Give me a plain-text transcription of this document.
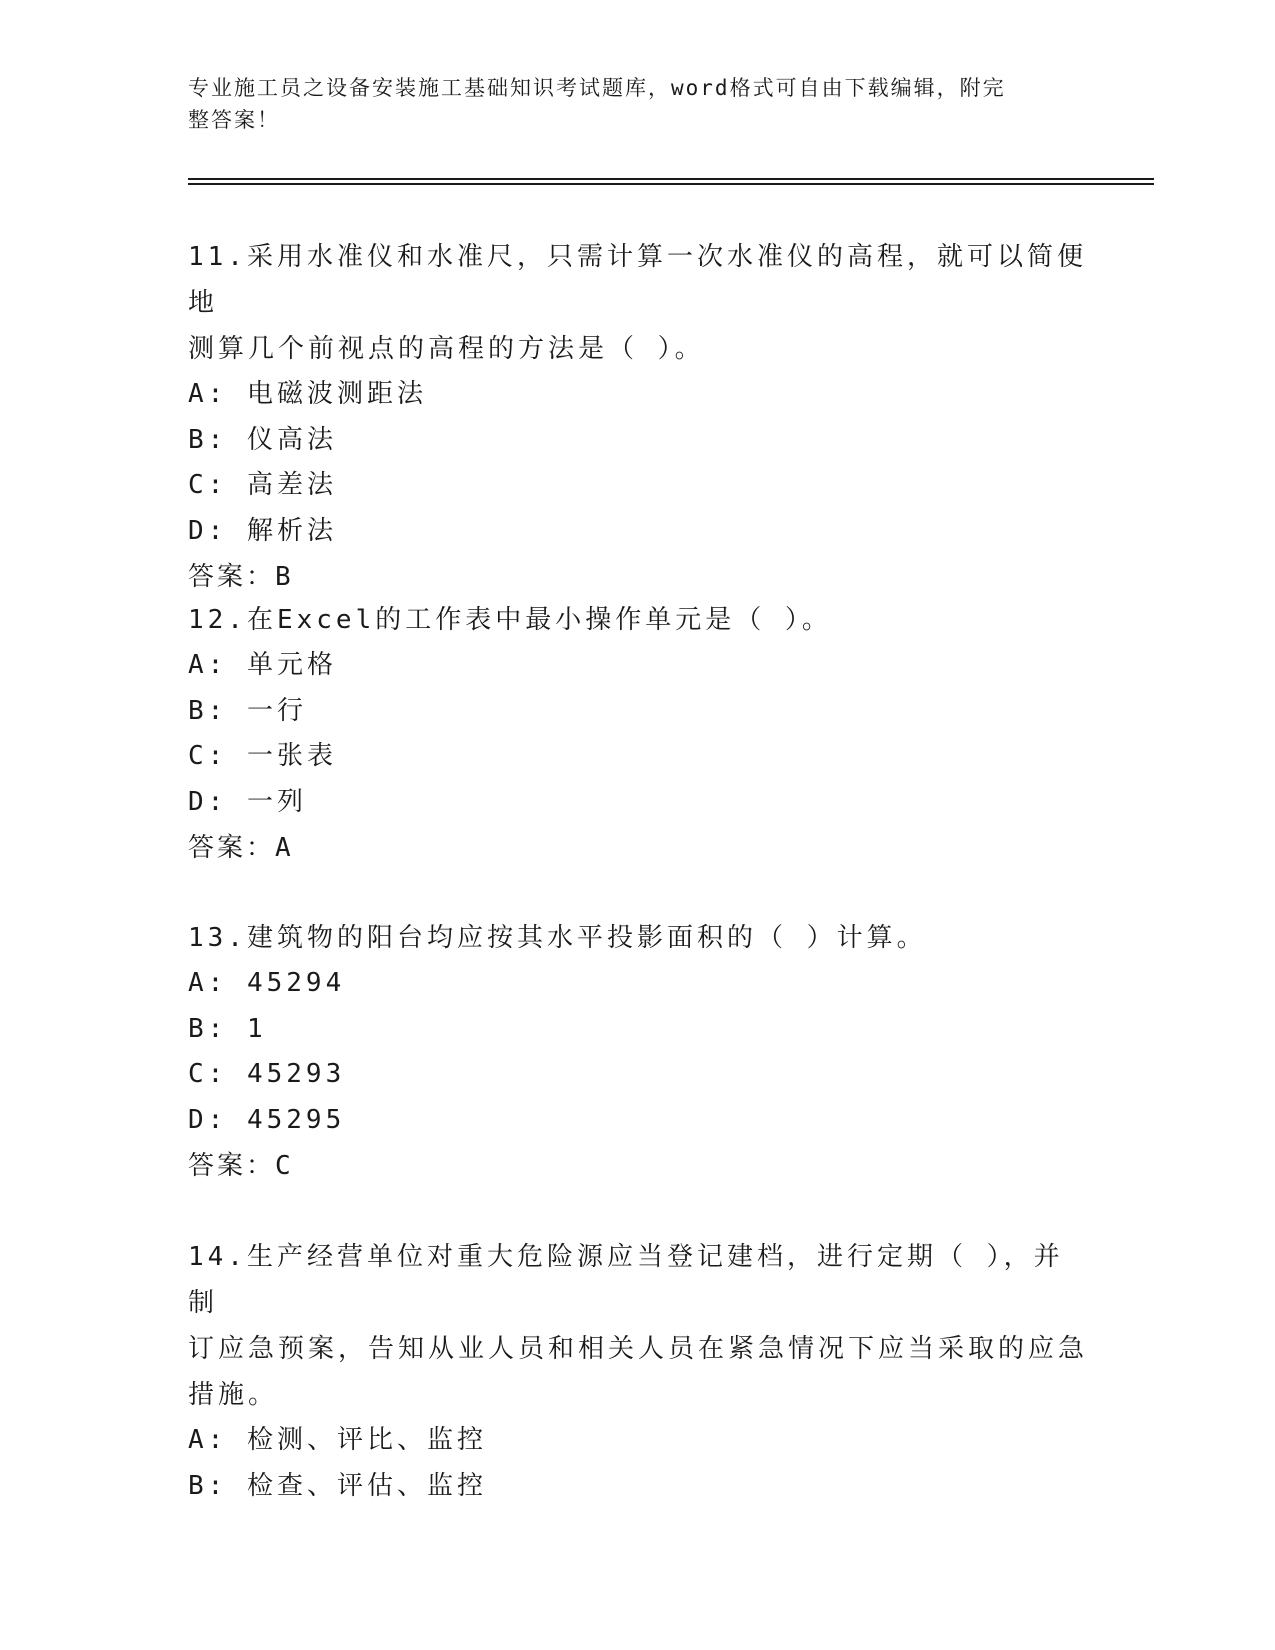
专业施工员之设备安装施工基础知识考试题库，word格式可自由下载编辑，附完
整答案！

11.采用水准仪和水准尺，只需计算一次水准仪的高程，就可以简便地

测算几个前视点的高程的方法是（ ）。

A:
电磁波测距法

B:
仪高法

C:
高差法

D:
解析法

答案：B

12.在Excel的工作表中最小操作单元是（ ）。

A:
单元格

B:
一行

C:
一张表

D:
一列

答案：A

13.建筑物的阳台均应按其水平投影面积的（ ）计算。

A:
45294

B:
1

C:
45293

D:
45295

答案：C

14.生产经营单位对重大危险源应当登记建档，进行定期（ ），并制

订应急预案，告知从业人员和相关人员在紧急情况下应当采取的应急

措施。

A:
检测、评比、监控

B:
检查、评估、监控
